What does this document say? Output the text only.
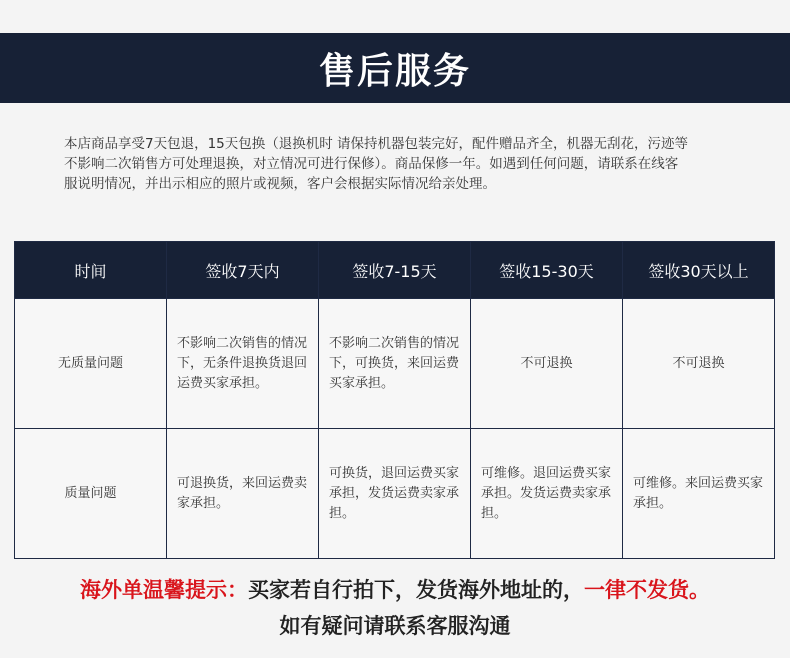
售后服务
本店商品享受7天包退，15天包换（退换机时 请保持机器包装完好，配件赠品齐全，机器无刮花，污迹等
不影响二次销售方可处理退换，对立情况可进行保修）。商品保修一年。如遇到任何问题，请联系在线客
服说明情况，并出示相应的照片或视频，客户会根据实际情况给亲处理。
时间	签收7天内	签收7-15天	签收15-30天	签收30天以上
无质量问题	不影响二次销售的情况下，无条件退换货退回运费买家承担。	不影响二次销售的情况下，可换货，来回运费买家承担。	不可退换	不可退换
质量问题	可退换货，来回运费卖家承担。	可换货，退回运费买家承担，发货运费卖家承担。	可维修。退回运费买家承担。发货运费卖家承担。	可维修。来回运费买家承担。
海外单温馨提示：买家若自行拍下，发货海外地址的，一律不发货。
如有疑问请联系客服沟通
